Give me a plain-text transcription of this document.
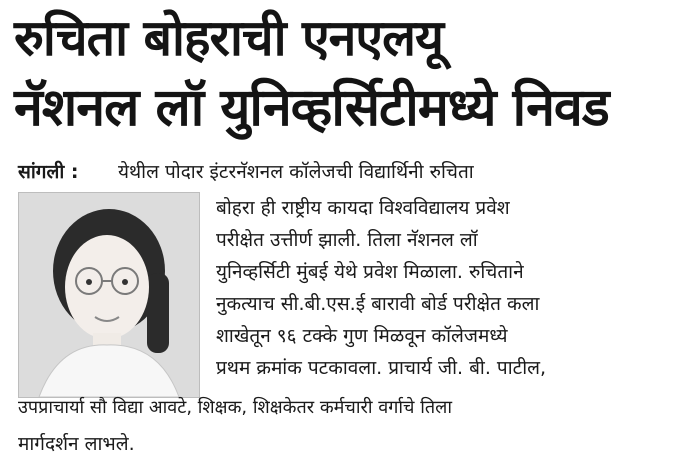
रुचिता बोहराची एनएलयू
नॅशनल लॉ युनिव्हर्सिटीमध्ये निवड
सांगली : येथील पोदार इंटरनॅशनल कॉलेजची विद्यार्थिनी रुचिता
बोहरा ही राष्ट्रीय कायदा विश्वविद्यालय प्रवेश
परीक्षेत उत्तीर्ण झाली. तिला नॅशनल लॉ
युनिव्हर्सिटी मुंबई येथे प्रवेश मिळाला. रुचिताने
नुकत्याच सी.बी.एस.ई बारावी बोर्ड परीक्षेत कला
शाखेतून ९६ टक्के गुण मिळवून कॉलेजमध्ये
प्रथम क्रमांक पटकावला. प्राचार्य जी. बी. पाटील,
उपप्राचार्या सौ विद्या आवटे, शिक्षक, शिक्षकेतर कर्मचारी वर्गाचे तिला
मार्गदर्शन लाभले.
